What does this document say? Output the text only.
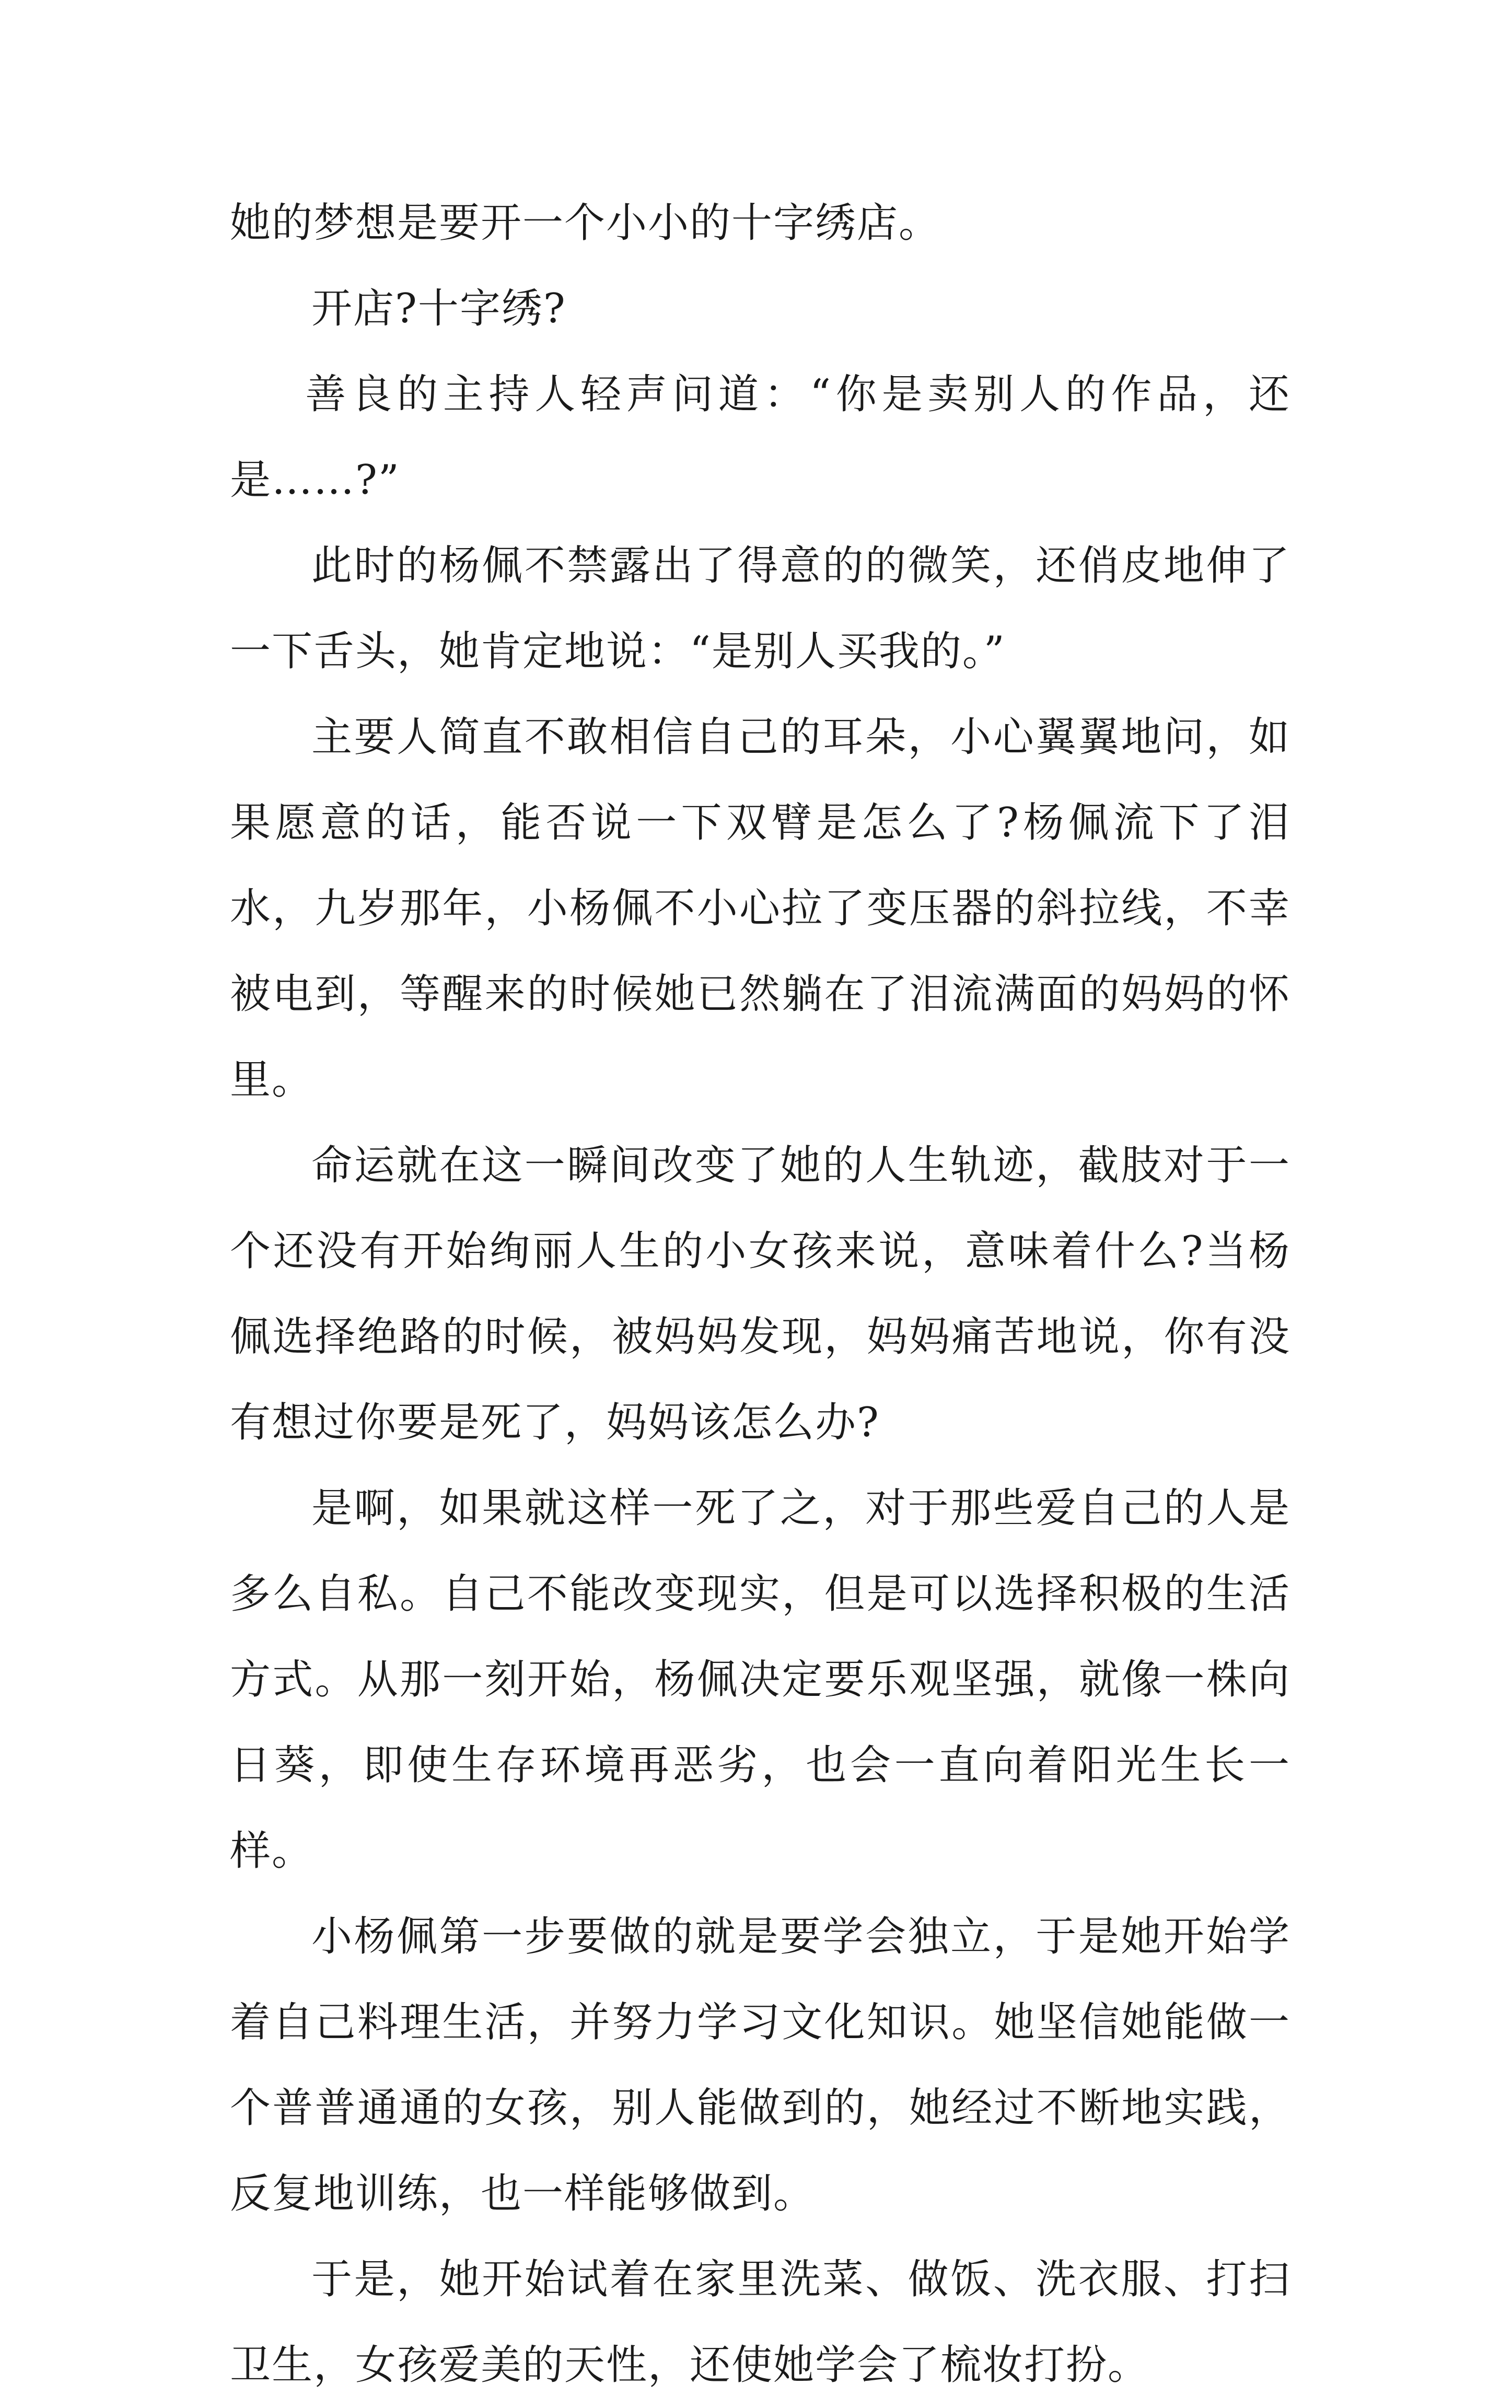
她的梦想是要开一个小小的十字绣店。

开店?十字绣?

善良的主持人轻声问道：“你是卖别人的作品，还是……?”

此时的杨佩不禁露出了得意的的微笑，还俏皮地伸了一下舌头，她肯定地说：“是别人买我的。”

主要人简直不敢相信自己的耳朵，小心翼翼地问，如果愿意的话，能否说一下双臂是怎么了?杨佩流下了泪水，九岁那年，小杨佩不小心拉了变压器的斜拉线，不幸被电到，等醒来的时候她已然躺在了泪流满面的妈妈的怀里。

命运就在这一瞬间改变了她的人生轨迹，截肢对于一个还没有开始绚丽人生的小女孩来说，意味着什么?当杨佩选择绝路的时候，被妈妈发现，妈妈痛苦地说，你有没有想过你要是死了，妈妈该怎么办?

是啊，如果就这样一死了之，对于那些爱自己的人是多么自私。自己不能改变现实，但是可以选择积极的生活方式。从那一刻开始，杨佩决定要乐观坚强，就像一株向日葵，即使生存环境再恶劣，也会一直向着阳光生长一样。

小杨佩第一步要做的就是要学会独立，于是她开始学着自己料理生活，并努力学习文化知识。她坚信她能做一个普普通通的女孩，别人能做到的，她经过不断地实践，反复地训练，也一样能够做到。

于是，她开始试着在家里洗菜、做饭、洗衣服、打扫卫生，女孩爱美的天性，还使她学会了梳妆打扮。
